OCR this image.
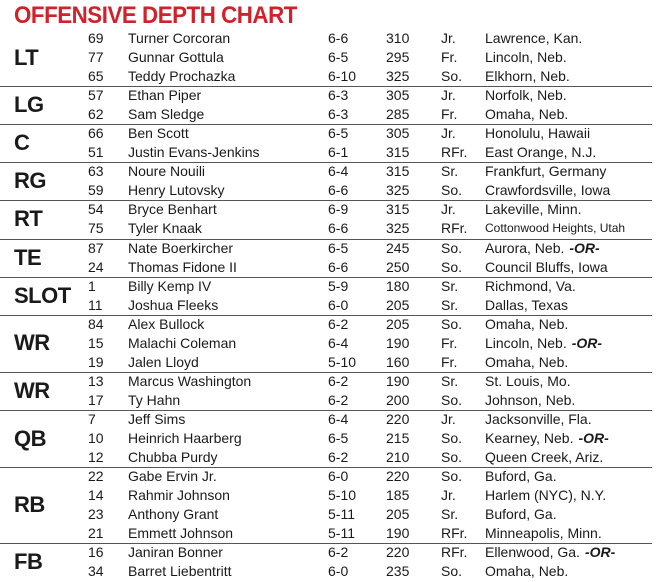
OFFENSIVE DEPTH CHART
LT
69 Turner Corcoran	6-6	310 Jr. Lawrence, Kan.
77 Gunnar Gottula	6-5	295 Fr. Lincoln, Neb.
65 Teddy Prochazka	6-10 325 So. Elkhorn, Neb.
LG	57 Ethan Piper	6-3	305 Jr. Norfolk, Neb.
62 Sam Sledge	6-3	285 Fr. Omaha, Neb.
C	66 Ben Scott	6-5	305 Jr. Honolulu, Hawaii
51 Justin Evans-Jenkins	6-1	315 RFr. East Orange, N.J.
RG	63 Noure Nouili	6-4	315 Sr. Frankfurt, Germany
59 Henry Lutovsky	6-6	325 So. Crawfordsville, Iowa
RT	54 Bryce Benhart	6-9	315 Jr. Lakeville, Minn.
75 Tyler Knaak	6-6	325 RFr. Cottonwood Heights, Utah
TE	87 Nate Boerkircher	6-5	245 So. Aurora, Neb. -OR-
24 Thomas Fidone II	6-6	250 So. Council Bluffs, Iowa
SLOT 1 Billy Kemp IV	5-9	180 Sr. Richmond, Va.
11 Joshua Fleeks	6-0	205 Sr. Dallas, Texas
WR
84 Alex Bullock	6-2	205 So. Omaha, Neb.
15 Malachi Coleman	6-4	190 Fr. Lincoln, Neb. -OR-
19 Jalen Lloyd	5-10 160 Fr. Omaha, Neb.
WR	13 Marcus Washington	6-2	190 Sr. St. Louis, Mo.
17 Ty Hahn	6-2	200 So. Johnson, Neb.
QB
7 Jeff Sims	6-4	220 Jr. Jacksonville, Fla.
10 Heinrich Haarberg	6-5	215 So. Kearney, Neb. -OR-
12 Chubba Purdy	6-2	210 So. Queen Creek, Ariz.
RB
22 Gabe Ervin Jr.	6-0	220 So. Buford, Ga.
14 Rahmir Johnson	5-10 185 Jr. Harlem (NYC), N.Y.
23 Anthony Grant	5-11 205 Sr. Buford, Ga.
21 Emmett Johnson	5-11 190 RFr. Minneapolis, Minn.
FB	16 Janiran Bonner	6-2	220 RFr. Ellenwood, Ga. -OR-
34 Barret Liebentritt	6-0	235 So. Omaha, Neb.
